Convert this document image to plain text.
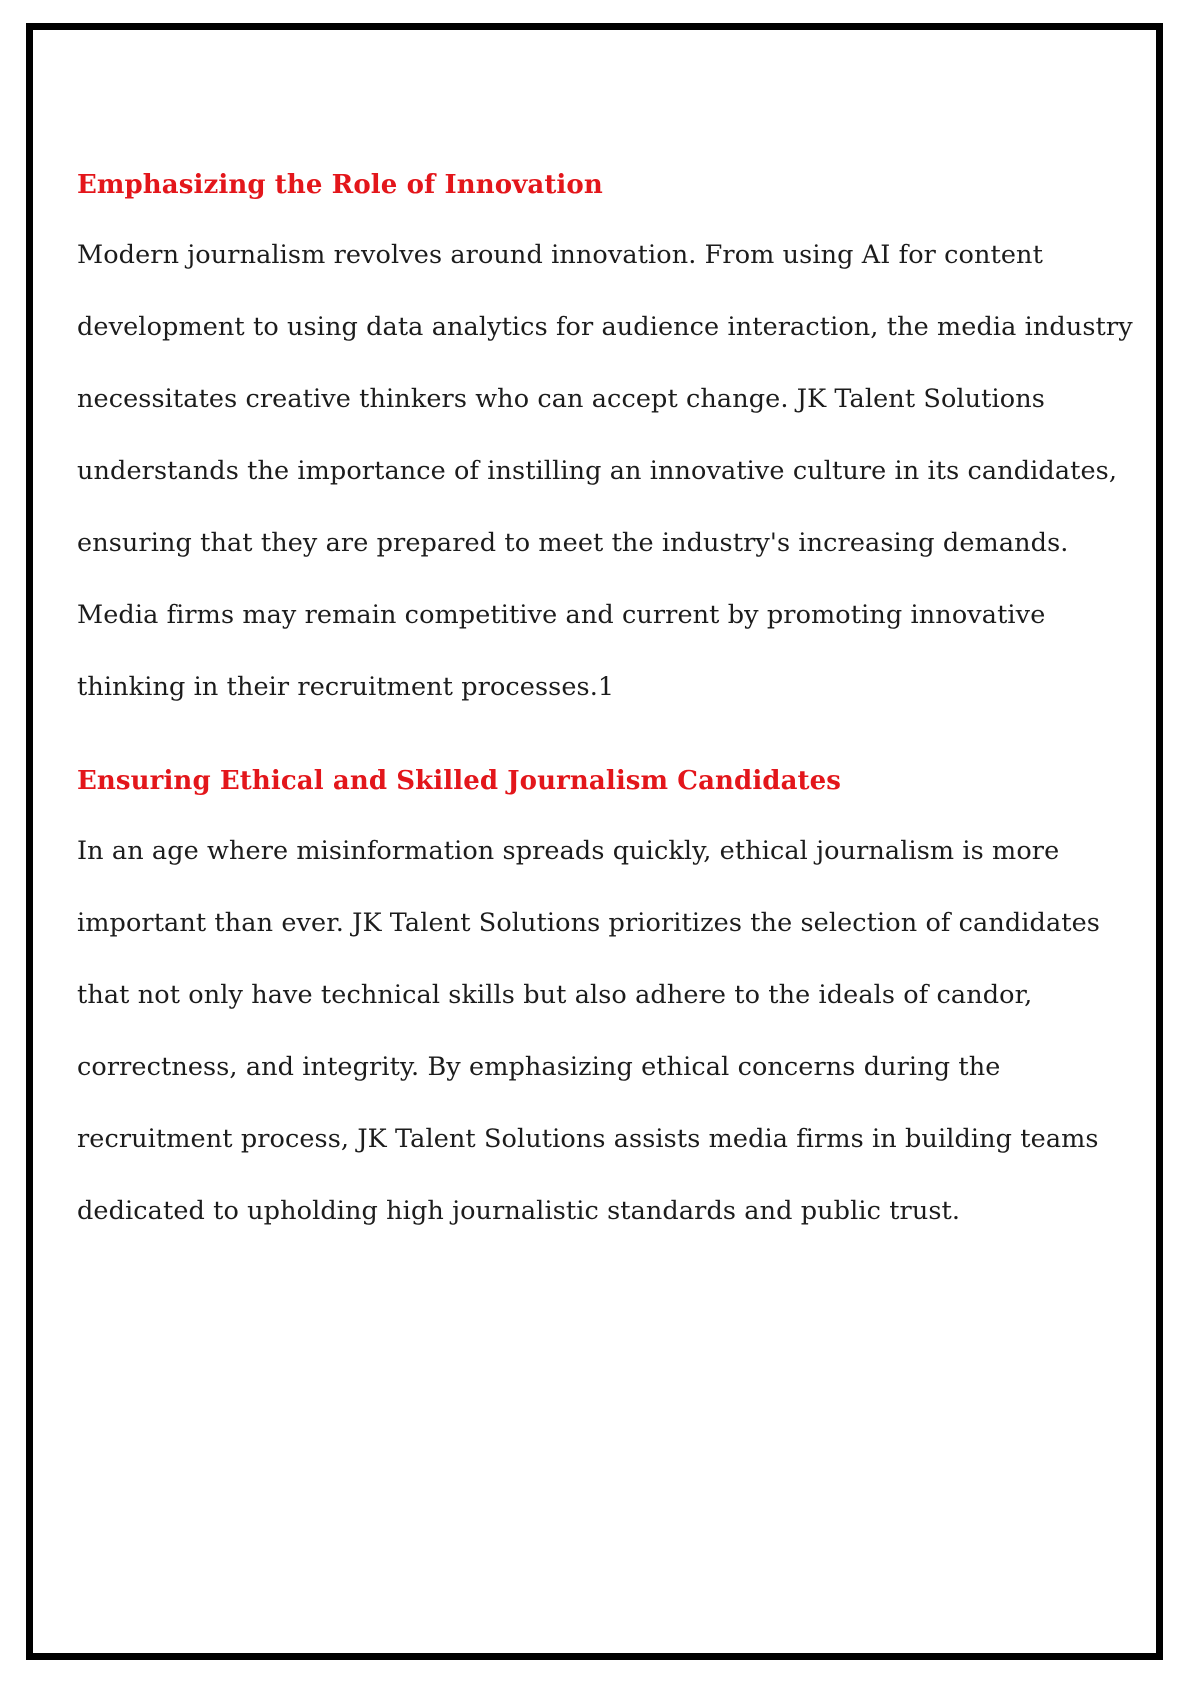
Emphasizing the Role of Innovation

Modern journalism revolves around innovation. From using AI for content development to using data analytics for audience interaction, the media industry necessitates creative thinkers who can accept change. JK Talent Solutions understands the importance of instilling an innovative culture in its candidates, ensuring that they are prepared to meet the industry's increasing demands. Media firms may remain competitive and current by promoting innovative thinking in their recruitment processes.1

Ensuring Ethical and Skilled Journalism Candidates

In an age where misinformation spreads quickly, ethical journalism is more important than ever. JK Talent Solutions prioritizes the selection of candidates that not only have technical skills but also adhere to the ideals of candor, correctness, and integrity. By emphasizing ethical concerns during the recruitment process, JK Talent Solutions assists media firms in building teams dedicated to upholding high journalistic standards and public trust.
